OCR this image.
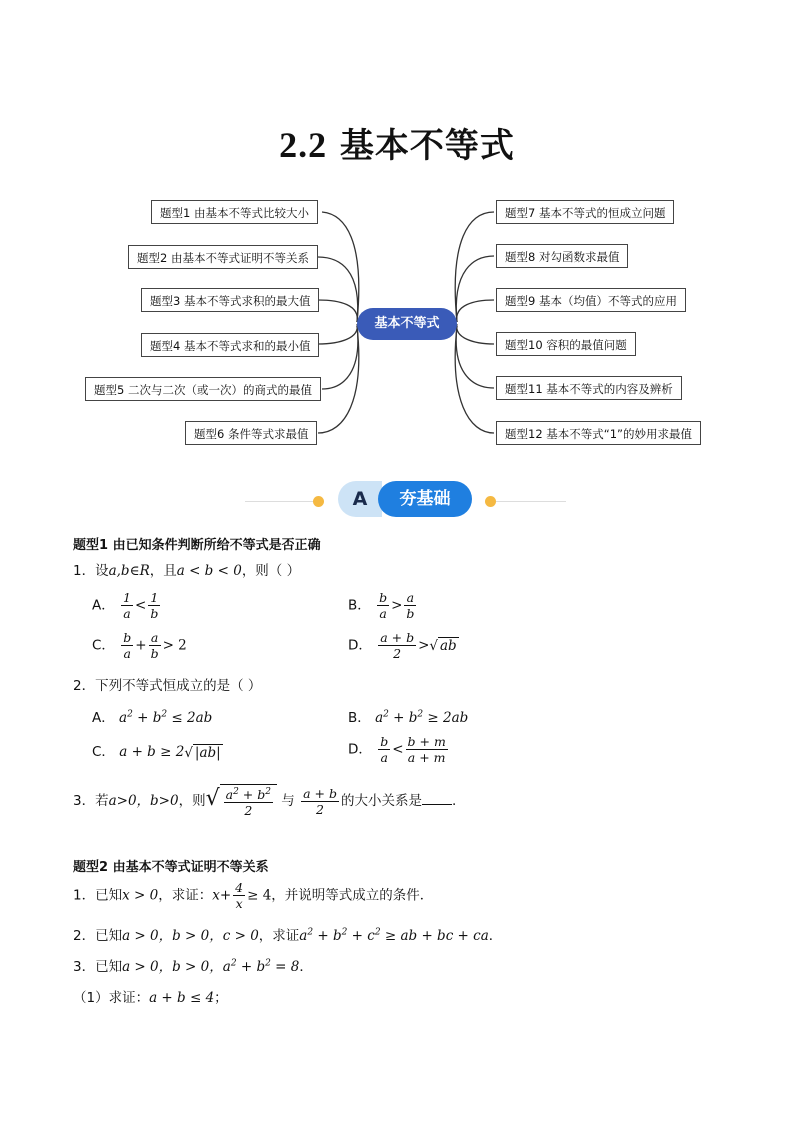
2.2 基本不等式
题型1 由基本不等式比较大小
题型2 由基本不等式证明不等关系
题型3 基本不等式求积的最大值
题型4 基本不等式求和的最小值
题型5 二次与二次（或一次）的商式的最值
题型6 条件等式求最值
题型7 基本不等式的恒成立问题
题型8 对勾函数求最值
题型9 基本（均值）不等式的应用
题型10 容积的最值问题
题型11 基本不等式的内容及辨析
题型12 基本不等式“1”的妙用求最值
基本不等式
A	夯基础
题型1 由已知条件判断所给不等式是否正确
1．设a,b∈R，且a < b < 0，则（ ）
A． $\frac{1}{a} < \frac{1}{b}$	B． $\frac{b}{a} > \frac{a}{b}$
C． $\frac{b}{a} + \frac{a}{b} > 2$	D． $\frac{a + b}{2}$ >√ ab
2．下列不等式恒成立的是（ ）
A． $a^2 + b^2 \le 2ab$	B． $a^2 + b^2 \ge 2ab$
C． a + b ≥ 2√ |ab|	D． $\frac{b}{a} < \frac{b + m}{a + m}$
3．若a>0，b>0，则√ $\frac{a^2 + b^2}{2}$ 与 $\frac{a + b}{2}$ 的大小关系是 .
题型2 由基本不等式证明不等关系
1．已知x > 0，求证：$x+ \frac{4}{x} \ge 4$，并说明等式成立的条件．
2．已知a > 0，b > 0，c > 0，求证$a^2 + b^2 + c^2$ ≥ ab + bc + ca．
3．已知a > 0，b > 0，$a^2 + b^2 = 8$．
（1）求证：a + b ≤ 4；
